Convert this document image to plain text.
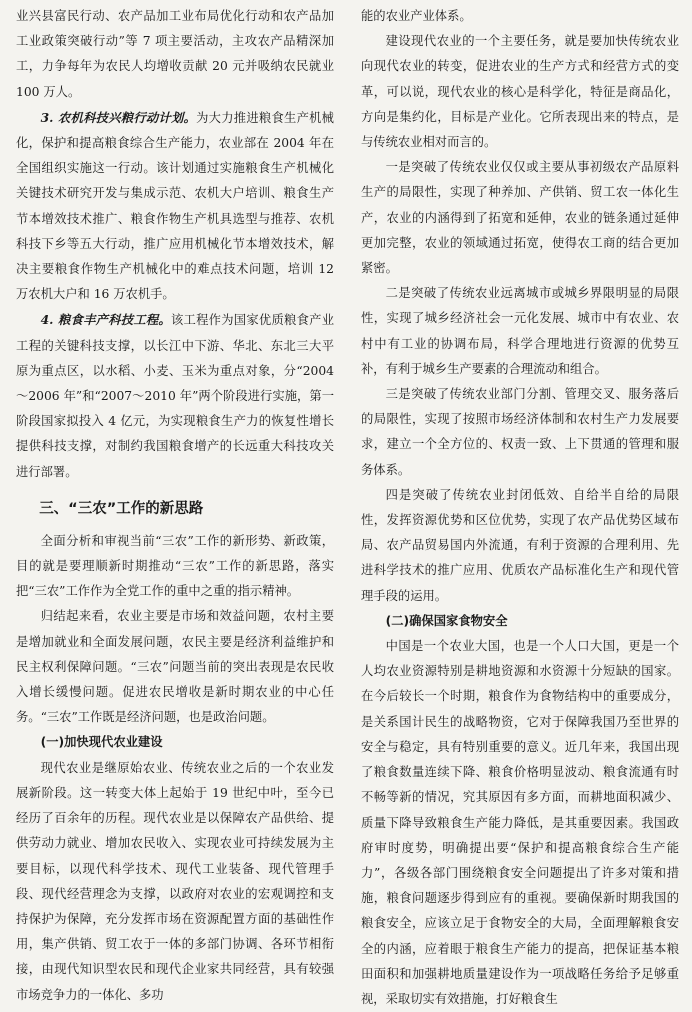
业兴县富民行动、农产品加工业布局优化行动和农产品加工业政策突破行动”等 7 项主要活动，主攻农产品精深加工，力争每年为农民人均增收贡献 20 元并吸纳农民就业 100 万人。

3. 农机科技兴粮行动计划。为大力推进粮食生产机械化，保护和提高粮食综合生产能力，农业部在 2004 年在全国组织实施这一行动。该计划通过实施粮食生产机械化关键技术研究开发与集成示范、农机大户培训、粮食生产节本增效技术推广、粮食作物生产机具选型与推荐、农机科技下乡等五大行动，推广应用机械化节本增效技术，解决主要粮食作物生产机械化中的难点技术问题，培训 12 万农机大户和 16 万农机手。

4. 粮食丰产科技工程。该工程作为国家优质粮食产业工程的关键科技支撑，以长江中下游、华北、东北三大平原为重点区，以水稻、小麦、玉米为重点对象，分“2004～2006 年”和“2007～2010 年”两个阶段进行实施，第一阶段国家拟投入 4 亿元，为实现粮食生产力的恢复性增长提供科技支撑，对制约我国粮食增产的长远重大科技攻关进行部署。

三、“三农”工作的新思路

全面分析和审视当前“三农”工作的新形势、新政策，目的就是要理顺新时期推动“三农”工作的新思路，落实把“三农”工作作为全党工作的重中之重的指示精神。

归结起来看，农业主要是市场和效益问题，农村主要是增加就业和全面发展问题，农民主要是经济利益维护和民主权利保障问题。“三农”问题当前的突出表现是农民收入增长缓慢问题。促进农民增收是新时期农业的中心任务。“三农”工作既是经济问题，也是政治问题。

(一)加快现代农业建设

现代农业是继原始农业、传统农业之后的一个农业发展新阶段。这一转变大体上起始于 19 世纪中叶，至今已经历了百余年的历程。现代农业是以保障农产品供给、提供劳动力就业、增加农民收入、实现农业可持续发展为主要目标，以现代科学技术、现代工业装备、现代管理手段、现代经营理念为支撑，以政府对农业的宏观调控和支持保护为保障，充分发挥市场在资源配置方面的基础性作用，集产供销、贸工农于一体的多部门协调、各环节相衔接，由现代知识型农民和现代企业家共同经营，具有较强市场竞争力的一体化、多功

能的农业产业体系。

建设现代农业的一个主要任务，就是要加快传统农业向现代农业的转变，促进农业的生产方式和经营方式的变革，可以说，现代农业的核心是科学化，特征是商品化，方向是集约化，目标是产业化。它所表现出来的特点，是与传统农业相对而言的。

一是突破了传统农业仅仅或主要从事初级农产品原料生产的局限性，实现了种养加、产供销、贸工农一体化生产，农业的内涵得到了拓宽和延伸，农业的链条通过延伸更加完整，农业的领域通过拓宽，使得农工商的结合更加紧密。

二是突破了传统农业远离城市或城乡界限明显的局限性，实现了城乡经济社会一元化发展、城市中有农业、农村中有工业的协调布局，科学合理地进行资源的优势互补，有利于城乡生产要素的合理流动和组合。

三是突破了传统农业部门分割、管理交叉、服务落后的局限性，实现了按照市场经济体制和农村生产力发展要求，建立一个全方位的、权责一致、上下贯通的管理和服务体系。

四是突破了传统农业封闭低效、自给半自给的局限性，发挥资源优势和区位优势，实现了农产品优势区域布局、农产品贸易国内外流通，有利于资源的合理利用、先进科学技术的推广应用、优质农产品标准化生产和现代管理手段的运用。

(二)确保国家食物安全

中国是一个农业大国，也是一个人口大国，更是一个人均农业资源特别是耕地资源和水资源十分短缺的国家。在今后较长一个时期，粮食作为食物结构中的重要成分，是关系国计民生的战略物资，它对于保障我国乃至世界的安全与稳定，具有特别重要的意义。近几年来，我国出现了粮食数量连续下降、粮食价格明显波动、粮食流通有时不畅等新的情况，究其原因有多方面，而耕地面积减少、质量下降导致粮食生产能力降低，是其重要因素。我国政府审时度势，明确提出要“保护和提高粮食综合生产能力”，各级各部门围绕粮食安全问题提出了许多对策和措施，粮食问题逐步得到应有的重视。要确保新时期我国的粮食安全，应该立足于食物安全的大局，全面理解粮食安全的内涵，应着眼于粮食生产能力的提高，把保证基本粮田面积和加强耕地质量建设作为一项战略任务给予足够重视，采取切实有效措施，打好粮食生
